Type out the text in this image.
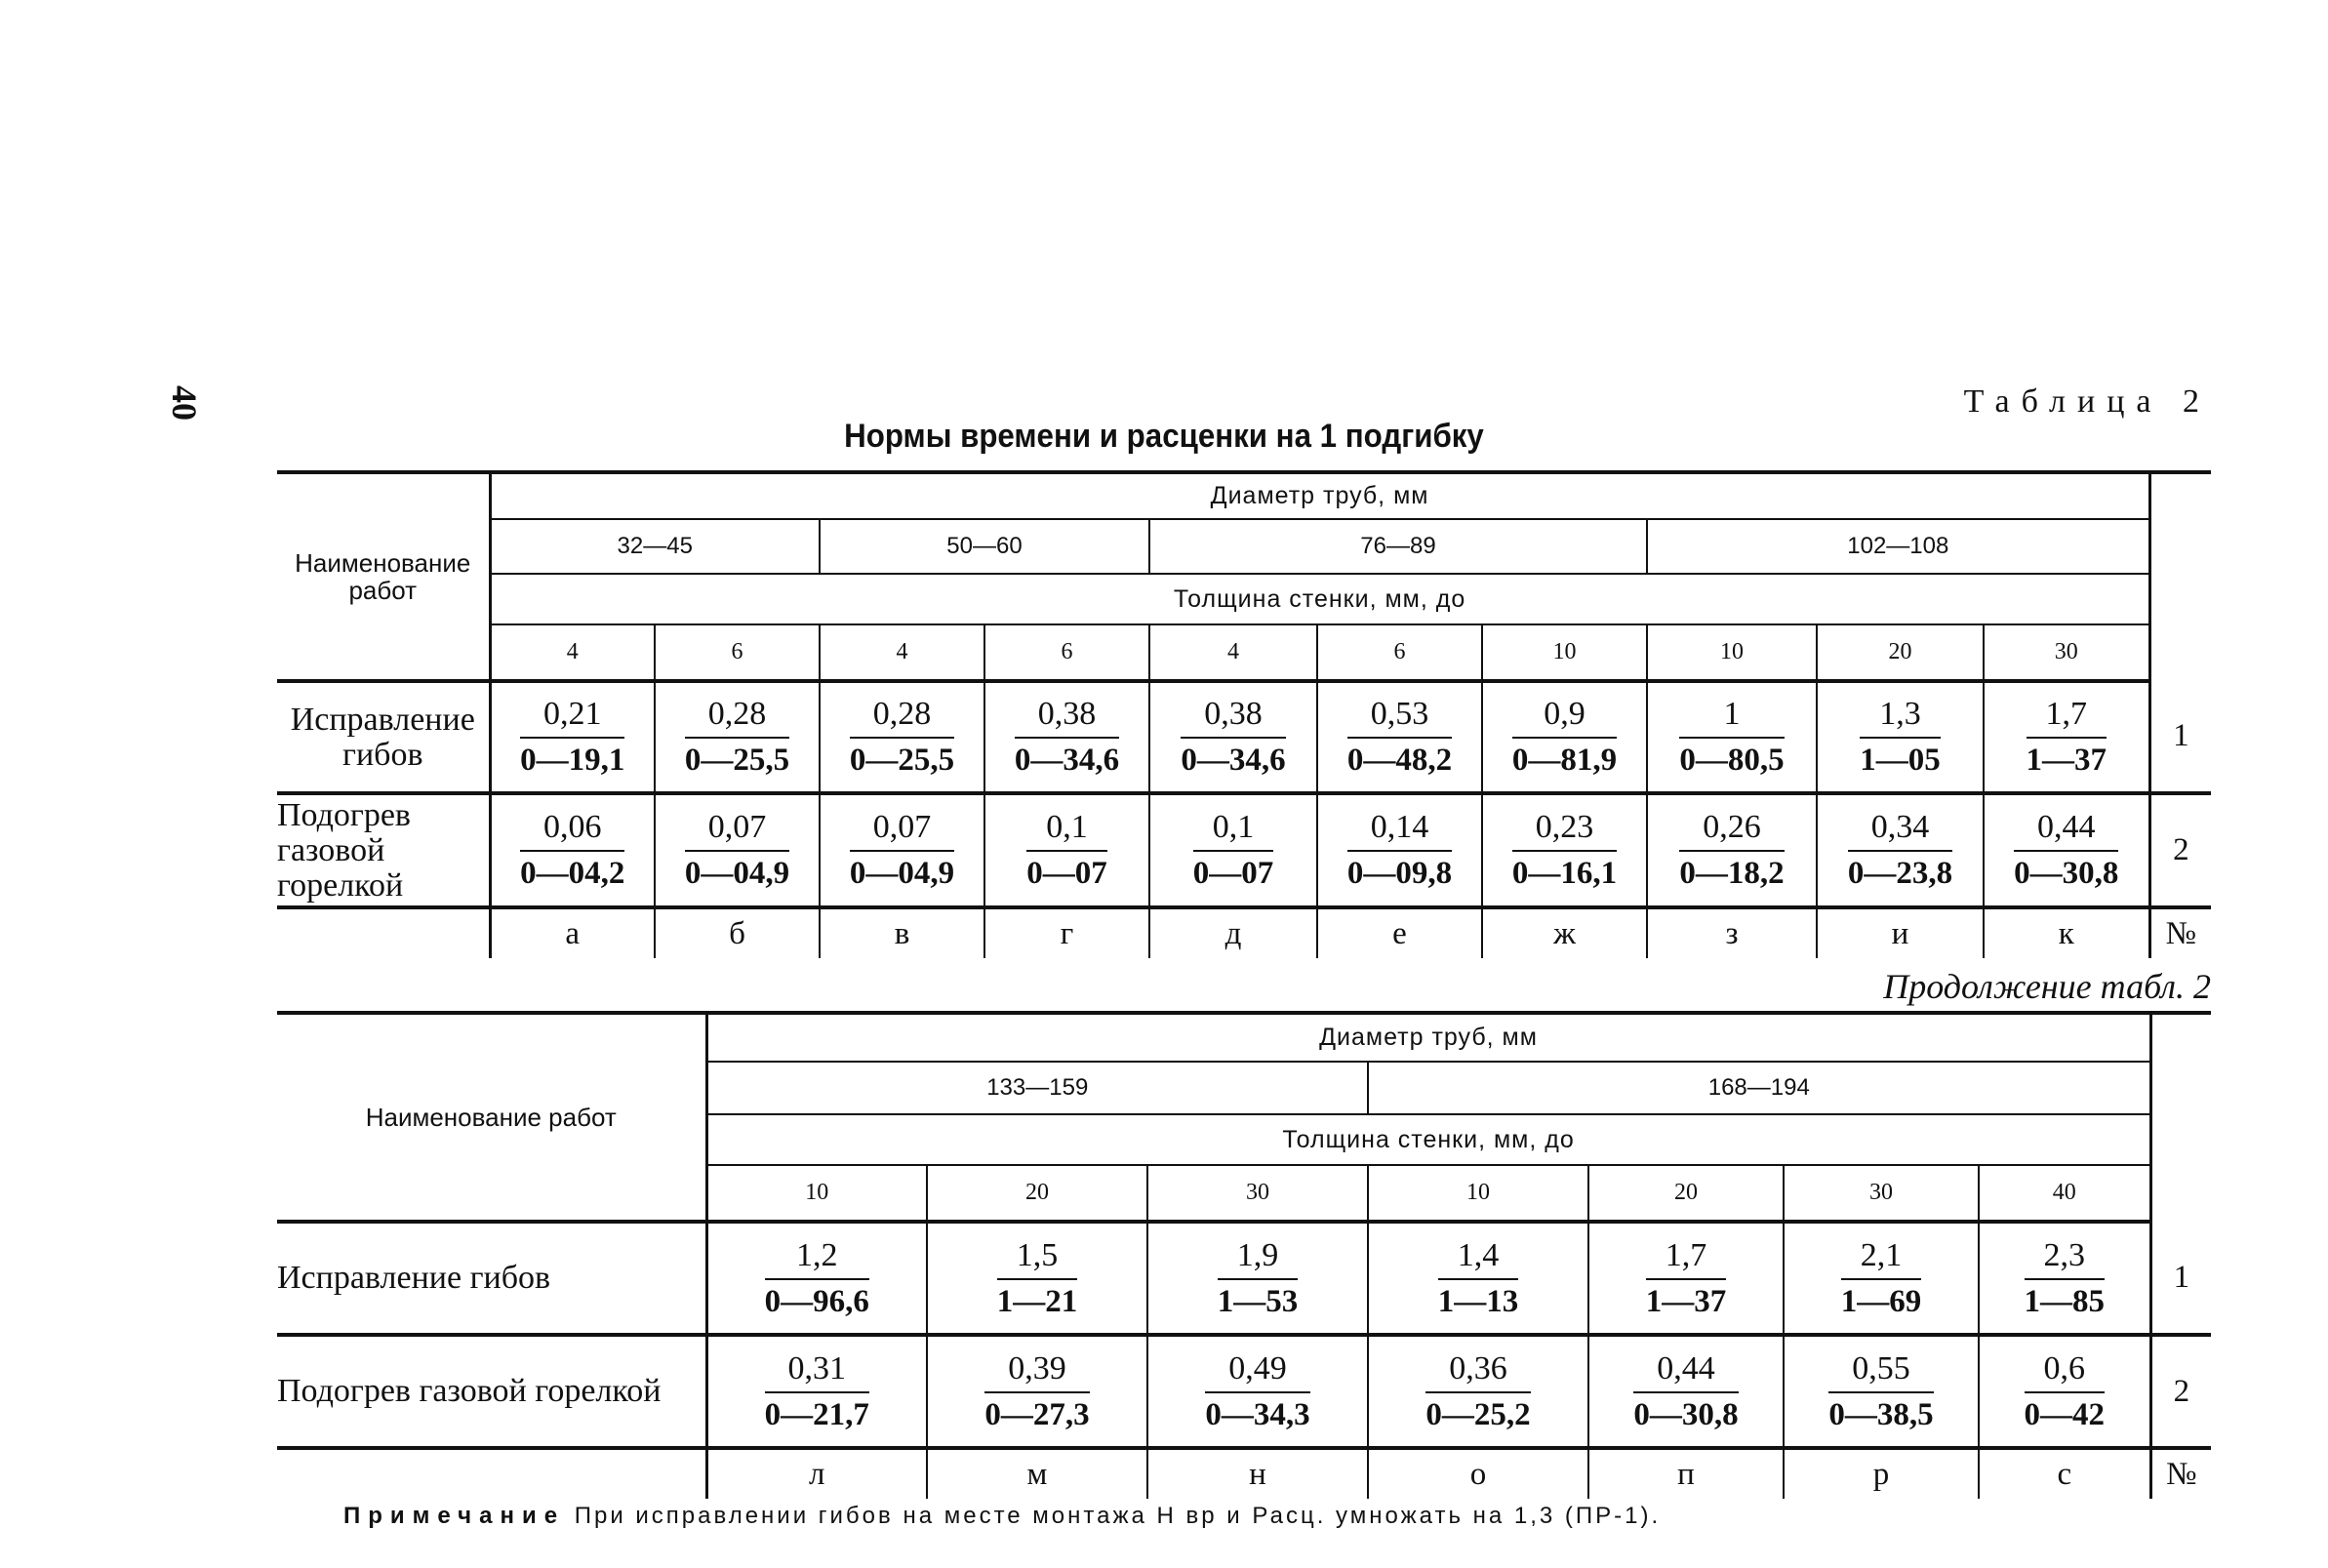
40	Таблица 2
Нормы времени и расценки на 1 подгибку
Наименование работ	Диаметр труб, мм										
	32—45		50—60		76—89			102—108			
	Толщина стенки, мм, до										
	4	6	4	6	4	6	10	10	20	30	
Исправление гибов	$\frac{0,21}{0—19,1}$	$\frac{0,28}{0—25,5}$	$\frac{0,28}{0—25,5}$	$\frac{0,38}{0—34,6}$	$\frac{0,38}{0—34,6}$	$\frac{0,53}{0—48,2}$	$\frac{0,9}{0—81,9}$	$\frac{1}{0—80,5}$	$\frac{1,3}{1—05}$	$\frac{1,7}{1—37}$	1
Подогрев газовой горелкой	$\frac{0,06}{0—04,2}$	$\frac{0,07}{0—04,9}$	$\frac{0,07}{0—04,9}$	$\frac{0,1}{0—07}$	$\frac{0,1}{0—07}$	$\frac{0,14}{0—09,8}$	$\frac{0,23}{0—16,1}$	$\frac{0,26}{0—18,2}$	$\frac{0,34}{0—23,8}$	$\frac{0,44}{0—30,8}$	2
	а	б	в	г	д	е	ж	з	и	к	№
Продолжение табл. 2
Наименование работ	Диаметр труб, мм							
	133—159			168—194				
	Толщина стенки, мм, до							
	10	20	30	10	20	30	40	
Исправление гибов	$\frac{1,2}{0—96,6}$	$\frac{1,5}{1—21}$	$\frac{1,9}{1—53}$	$\frac{1,4}{1—13}$	$\frac{1,7}{1—37}$	$\frac{2,1}{1—69}$	$\frac{2,3}{1—85}$	1
Подогрев газовой горелкой	$\frac{0,31}{0—21,7}$	$\frac{0,39}{0—27,3}$	$\frac{0,49}{0—34,3}$	$\frac{0,36}{0—25,2}$	$\frac{0,44}{0—30,8}$	$\frac{0,55}{0—38,5}$	$\frac{0,6}{0—42}$	2
	л	м	н	о	п	р	с	№
Примечание При исправлении гибов на месте монтажа Н вр и Расц. умножать на 1,3 (ПР-1).
